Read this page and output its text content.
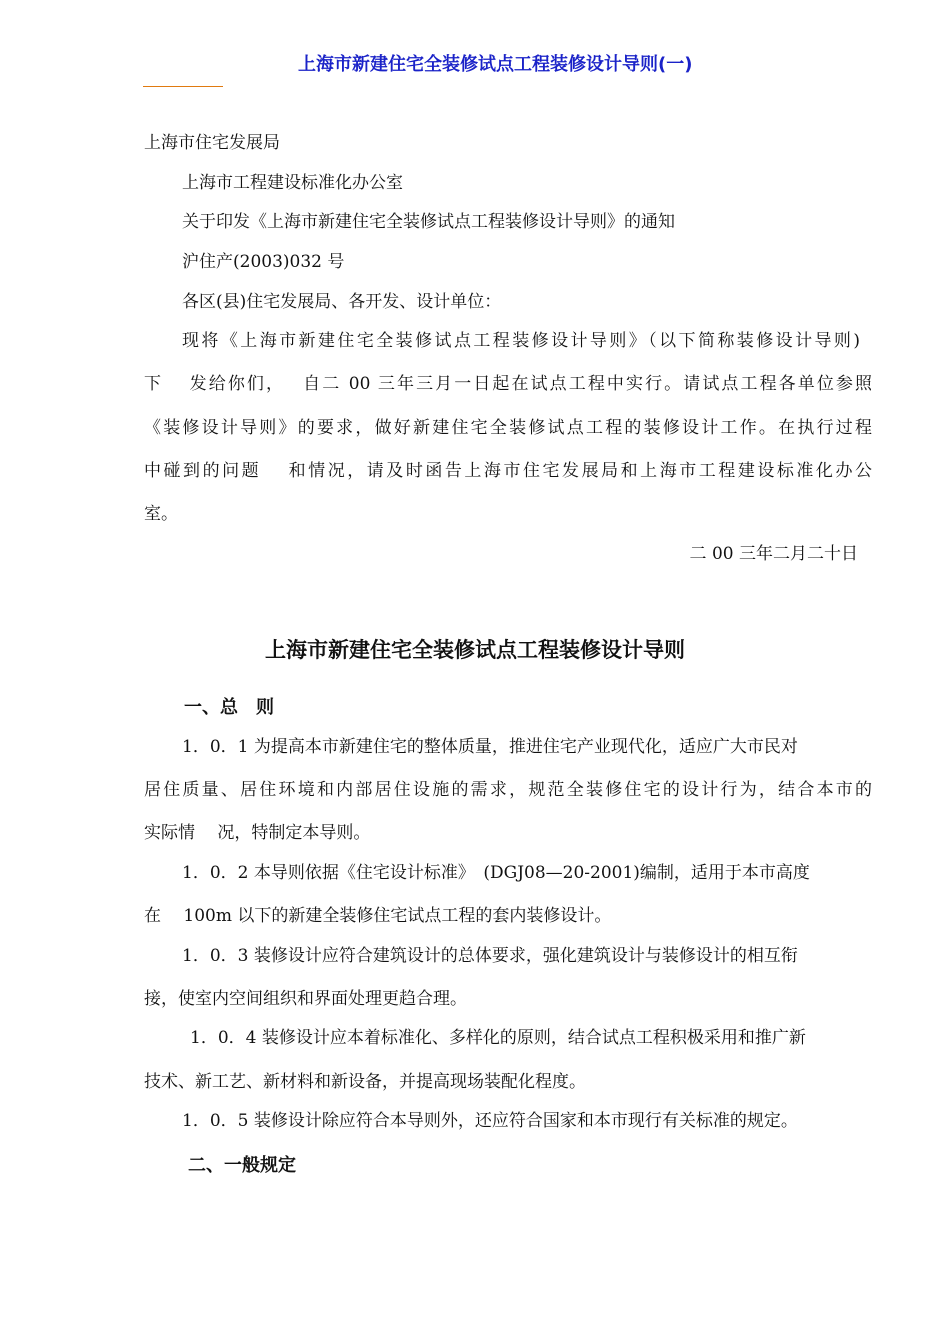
上海市新建住宅全装修试点工程装修设计导则(一)
上海市住宅发展局
上海市工程建设标准化办公室
关于印发《上海市新建住宅全装修试点工程装修设计导则》的通知
沪住产(2003)032 号
各区(县)住宅发展局、各开发、设计单位：
现将《上海市新建住宅全装修试点工程装修设计导则》（以下简称装修设计导则)
下　 发给你们，　 自二 00 三年三月一日起在试点工程中实行。请试点工程各单位参照
《装修设计导则》的要求，做好新建住宅全装修试点工程的装修设计工作。在执行过程
中碰到的问题　 和情况，请及时函告上海市住宅发展局和上海市工程建设标准化办公
室。
二 00 三年二月二十日
上海市新建住宅全装修试点工程装修设计导则
一、总　则
1．0．1 为提高本市新建住宅的整体质量，推进住宅产业现代化，适应广大市民对
居住质量、居住环境和内部居住设施的需求，规范全装修住宅的设计行为，结合本市的
实际情　 况，特制定本导则。
1．0．2 本导则依据《住宅设计标准》　(DGJ08—20-2001)编制，适用于本市高度
在　 100m 以下的新建全装修住宅试点工程的套内装修设计。
1．0．3 装修设计应符合建筑设计的总体要求，强化建筑设计与装修设计的相互衔
接，使室内空间组织和界面处理更趋合理。
1．0．4 装修设计应本着标准化、多样化的原则，结合试点工程积极采用和推广新
技术、新工艺、新材料和新设备，并提高现场装配化程度。
1．0．5 装修设计除应符合本导则外，还应符合国家和本市现行有关标准的规定。
二、一般规定
